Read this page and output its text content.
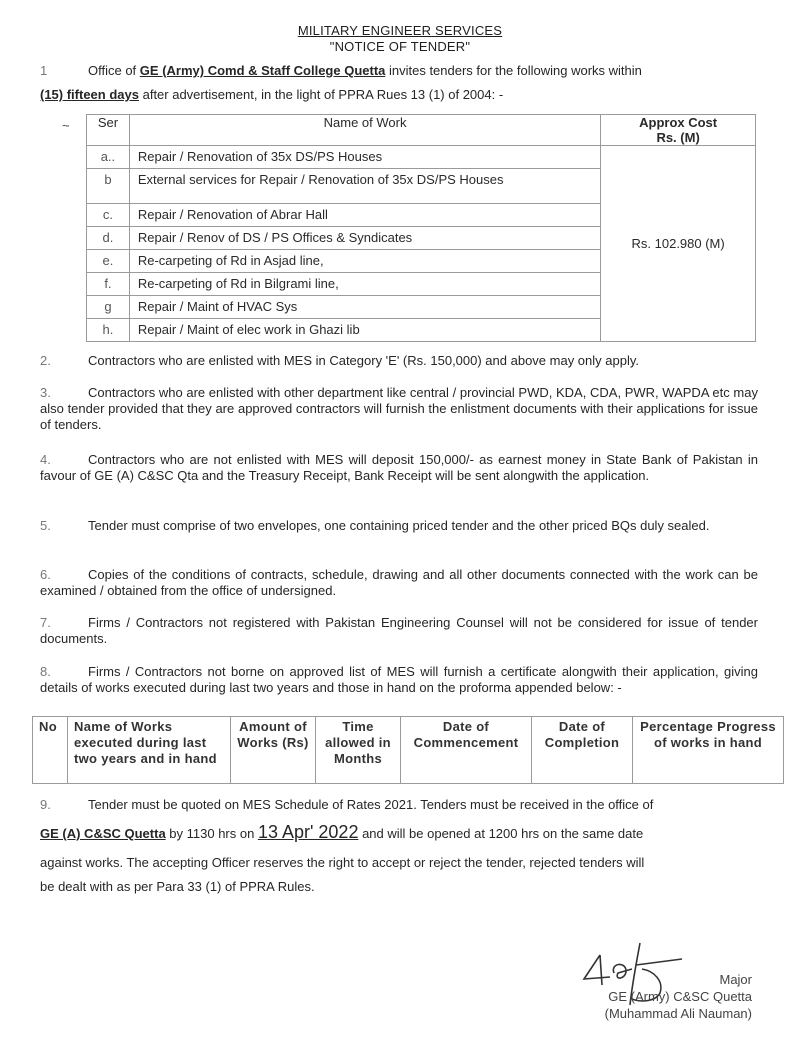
MILITARY ENGINEER SERVICES
"NOTICE OF TENDER"
1	Office of GE (Army) Comd & Staff College Quetta invites tenders for the following works within
(15) fifteen days after advertisement, in the light of PPRA Rues 13 (1) of 2004: -
~ Ser	Name of Work	Approx Cost
Rs. (M)

a..	Repair / Renovation of 35x DS/PS Houses	Rs. 102.980 (M)
b	External services for Repair / Renovation of 35x DS/PS Houses	
c.	Repair / Renovation of Abrar Hall	
d.	Repair / Renov of DS / PS Offices & Syndicates	
e.	Re-carpeting of Rd in Asjad line,	
f.	Re-carpeting of Rd in Bilgrami line,	
g	Repair / Maint of HVAC Sys	
h.	Repair / Maint of elec work in Ghazi lib	
2.	Contractors who are enlisted with MES in Category 'E' (Rs. 150,000) and above may only apply.
3.	Contractors who are enlisted with other department like central / provincial PWD, KDA, CDA, PWR, WAPDA etc may also tender provided that they are approved contractors will furnish the enlistment documents with their applications for issue of tenders.
4.	Contractors who are not enlisted with MES will deposit 150,000/- as earnest money in State Bank of Pakistan in favour of GE (A) C&SC Qta and the Treasury Receipt, Bank Receipt will be sent alongwith the application.
5.	Tender must comprise of two envelopes, one containing priced tender and the other priced BQs duly sealed.
6.	Copies of the conditions of contracts, schedule, drawing and all other documents connected with the work can be examined / obtained from the office of undersigned.
7.	Firms / Contractors not registered with Pakistan Engineering Counsel will not be considered for issue of tender documents.
8.	Firms / Contractors not borne on approved list of MES will furnish a certificate alongwith their application, giving details of works executed during last two years and those in hand on the proforma appended below: -
No	Name of Works executed during last two years and in hand	Amount of Works (Rs)	Time allowed in Months	Date of Commencement	Date of Completion	Percentage Progress of works in hand
9.	Tender must be quoted on MES Schedule of Rates 2021. Tenders must be received in the office of
GE (A) C&SC Quetta by 1130 hrs on 13 Apr' 2022 and will be opened at 1200 hrs on the same date
against works. The accepting Officer reserves the right to accept or reject the tender, rejected tenders will
be dealt with as per Para 33 (1) of PPRA Rules.
Major
GE (Army) C&SC Quetta
(Muhammad Ali Nauman)
